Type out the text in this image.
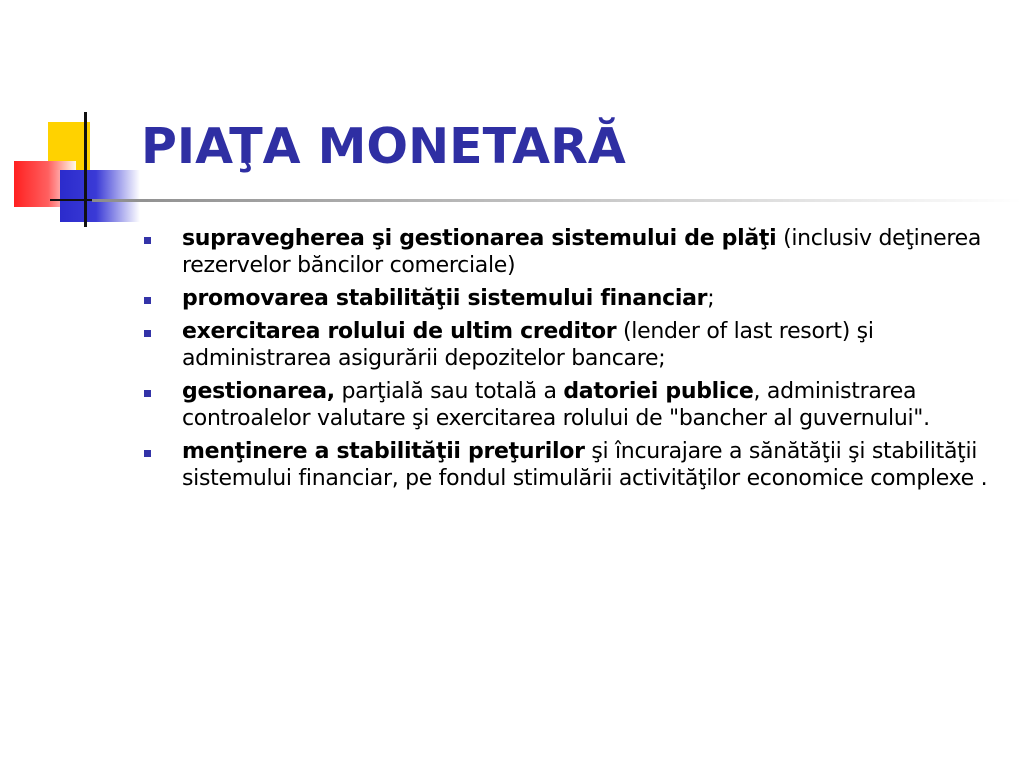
PIAŢA MONETARĂ
supravegherea şi gestionarea sistemului de plăţi (inclusiv deţinerea rezervelor băncilor comerciale)
promovarea stabilităţii sistemului financiar;
exercitarea rolului de ultim creditor (lender of last resort) şi administrarea asigurării depozitelor bancare;
gestionarea, parţială sau totală a datoriei publice, administrarea controalelor valutare şi exercitarea rolului de "bancher al guvernului".
menţinere a stabilităţii preţurilor şi încurajare a sănătăţii şi stabilităţii sistemului financiar, pe fondul stimulării activităţilor economice complexe .
